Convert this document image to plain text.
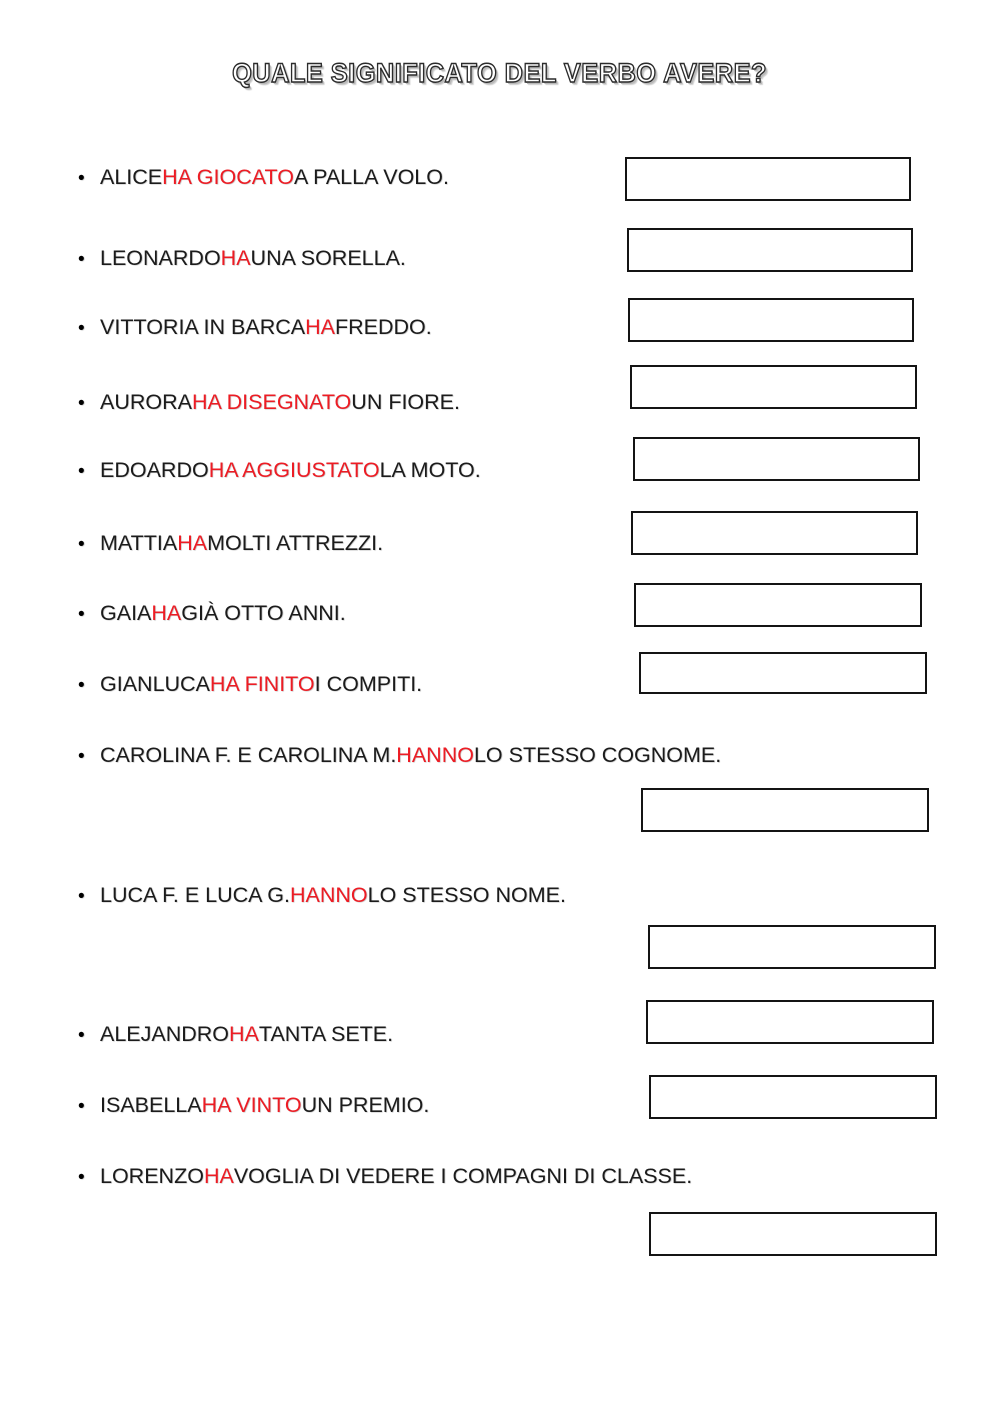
QUALE SIGNIFICATO DEL VERBO AVERE?
• ALICE HA GIOCATO A PALLA VOLO.
• LEONARDO HA UNA SORELLA.
• VITTORIA IN BARCA HA FREDDO.
• AURORA HA DISEGNATO UN FIORE.
• EDOARDO HA AGGIUSTATO LA MOTO.
• MATTIA HA MOLTI ATTREZZI.
• GAIA HA GIÀ OTTO ANNI.
• GIANLUCA HA FINITO I COMPITI.
• CAROLINA F. E CAROLINA M. HANNO LO STESSO COGNOME.
• LUCA F. E LUCA G. HANNO LO STESSO NOME.
• ALEJANDRO HA TANTA SETE.
• ISABELLA HA VINTO UN PREMIO.
• LORENZO HA VOGLIA DI VEDERE I COMPAGNI DI CLASSE.
